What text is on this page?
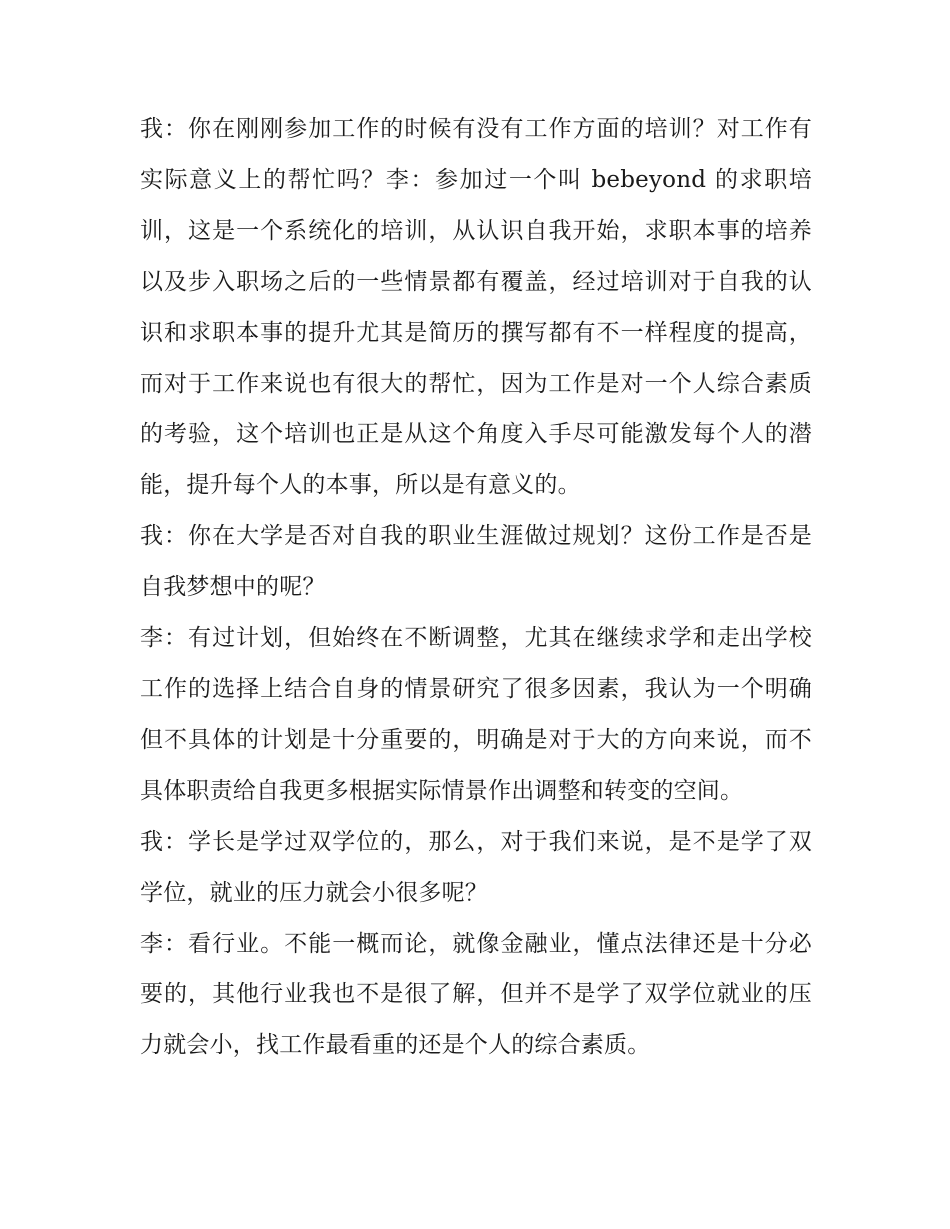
我：你在刚刚参加工作的时候有没有工作方面的培训？对工作有实际意义上的帮忙吗？李：参加过一个叫 bebeyond 的求职培训，这是一个系统化的培训，从认识自我开始，求职本事的培养以及步入职场之后的一些情景都有覆盖，经过培训对于自我的认识和求职本事的提升尤其是简历的撰写都有不一样程度的提高，而对于工作来说也有很大的帮忙，因为工作是对一个人综合素质的考验，这个培训也正是从这个角度入手尽可能激发每个人的潜能，提升每个人的本事，所以是有意义的。

我：你在大学是否对自我的职业生涯做过规划？这份工作是否是自我梦想中的呢？

李：有过计划，但始终在不断调整，尤其在继续求学和走出学校工作的选择上结合自身的情景研究了很多因素，我认为一个明确但不具体的计划是十分重要的，明确是对于大的方向来说，而不具体职责给自我更多根据实际情景作出调整和转变的空间。

我：学长是学过双学位的，那么，对于我们来说，是不是学了双学位，就业的压力就会小很多呢？

李：看行业。不能一概而论，就像金融业，懂点法律还是十分必要的，其他行业我也不是很了解，但并不是学了双学位就业的压力就会小，找工作最看重的还是个人的综合素质。
